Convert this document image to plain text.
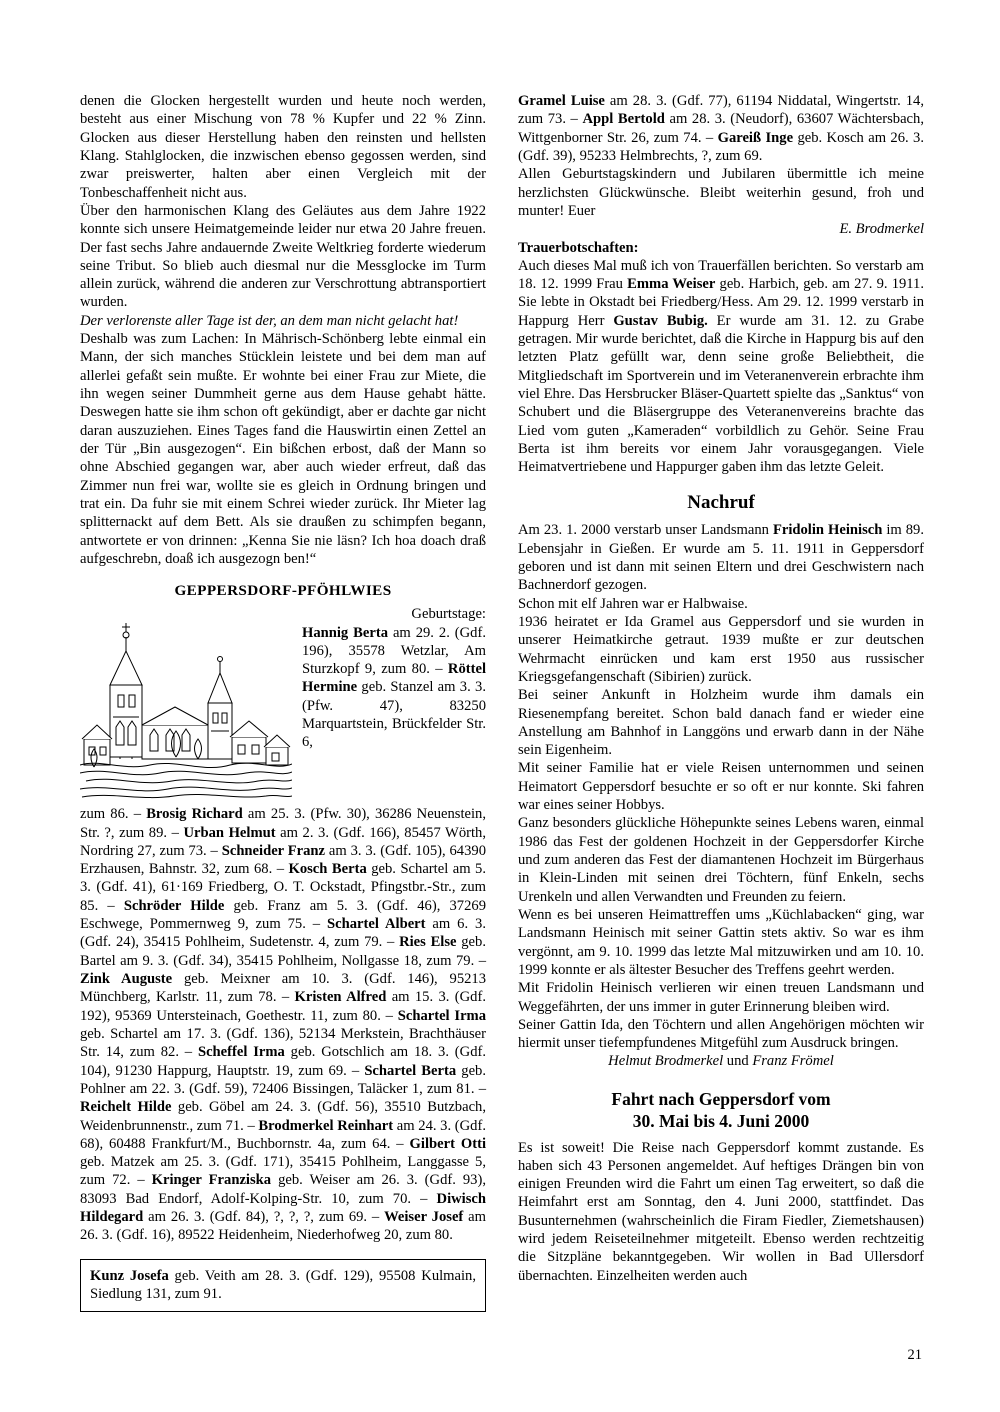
denen die Glocken hergestellt wurden und heute noch werden, besteht aus einer Mischung von 78 % Kupfer und 22 % Zinn. Glocken aus dieser Herstellung haben den reinsten und hellsten Klang. Stahlglocken, die inzwischen ebenso gegossen werden, sind zwar preiswerter, halten aber einen Vergleich mit der Tonbeschaffenheit nicht aus.

Über den harmonischen Klang des Geläutes aus dem Jahre 1922 konnte sich unsere Heimatgemeinde leider nur etwa 20 Jahre freuen. Der fast sechs Jahre andauernde Zweite Weltkrieg forderte wiederum seine Tribut. So blieb auch diesmal nur die Messglocke im Turm allein zurück, während die anderen zur Verschrottung abtransportiert wurden.

Der verlorenste aller Tage ist der, an dem man nicht gelacht hat!

Deshalb was zum Lachen: In Mährisch-Schönberg lebte einmal ein Mann, der sich manches Stücklein leistete und bei dem man auf allerlei gefaßt sein mußte. Er wohnte bei einer Frau zur Miete, die ihn wegen seiner Dummheit gerne aus dem Hause gehabt hätte. Deswegen hatte sie ihm schon oft gekündigt, aber er dachte gar nicht daran auszuziehen. Eines Tages fand die Hauswirtin einen Zettel an der Tür „Bin ausgezogen“. Ein bißchen erbost, daß der Mann so ohne Abschied gegangen war, aber auch wieder erfreut, daß das Zimmer nun frei war, wollte sie es gleich in Ordnung bringen und trat ein. Da fuhr sie mit einem Schrei wieder zurück. Ihr Mieter lag splitternackt auf dem Bett. Als sie draußen zu schimpfen begann, antwortete er von drinnen: „Kenna Sie nie läsn? Ich hoa doach draß aufgeschrebn, doaß ich ausgezogn ben!“

GEPPERSDORF-PFÖHLWIES

Geburtstage:

Hannig Berta am 29. 2. (Gdf. 196), 35578 Wetzlar, Am Sturzkopf 9, zum 80. – Röttel Hermine geb. Stanzel am 3. 3. (Pfw. 47), 83250 Marquartstein, Brückfelder Str. 6,

zum 86. – Brosig Richard am 25. 3. (Pfw. 30), 36286 Neuenstein, Str. ?, zum 89. – Urban Helmut am 2. 3. (Gdf. 166), 85457 Wörth, Nordring 27, zum 73. – Schneider Franz am 3. 3. (Gdf. 105), 64390 Erzhausen, Bahnstr. 32, zum 68. – Kosch Berta geb. Schartel am 5. 3. (Gdf. 41), 61·169 Friedberg, O. T. Ockstadt, Pfingstbr.-Str., zum 85. – Schröder Hilde geb. Franz am 5. 3. (Gdf. 46), 37269 Eschwege, Pommernweg 9, zum 75. – Schartel Albert am 6. 3. (Gdf. 24), 35415 Pohlheim, Sudetenstr. 4, zum 79. – Ries Else geb. Bartel am 9. 3. (Gdf. 34), 35415 Pohlheim, Nollgasse 18, zum 79. – Zink Auguste geb. Meixner am 10. 3. (Gdf. 146), 95213 Münchberg, Karlstr. 11, zum 78. – Kristen Alfred am 15. 3. (Gdf. 192), 95369 Untersteinach, Goethestr. 11, zum 80. – Schartel Irma geb. Schartel am 17. 3. (Gdf. 136), 52134 Merkstein, Brachthäuser Str. 14, zum 82. – Scheffel Irma geb. Gotschlich am 18. 3. (Gdf. 104), 91230 Happurg, Hauptstr. 19, zum 69. – Schartel Berta geb. Pohlner am 22. 3. (Gdf. 59), 72406 Bissingen, Taläcker 1, zum 81. – Reichelt Hilde geb. Göbel am 24. 3. (Gdf. 56), 35510 Butzbach, Weidenbrunnenstr., zum 71. – Brodmerkel Reinhart am 24. 3. (Gdf. 68), 60488 Frankfurt/M., Buchbornstr. 4a, zum 64. – Gilbert Otti geb. Matzek am 25. 3. (Gdf. 171), 35415 Pohlheim, Langgasse 5, zum 72. – Kringer Franziska geb. Weiser am 26. 3. (Gdf. 93), 83093 Bad Endorf, Adolf-Kolping-Str. 10, zum 70. – Diwisch Hildegard am 26. 3. (Gdf. 84), ?, ?, ?, zum 69. – Weiser Josef am 26. 3. (Gdf. 16), 89522 Heidenheim, Niederhofweg 20, zum 80.

Kunz Josefa geb. Veith am 28. 3. (Gdf. 129), 95508 Kulmain, Siedlung 131, zum 91.

Gramel Luise am 28. 3. (Gdf. 77), 61194 Niddatal, Wingertstr. 14, zum 73. – Appl Bertold am 28. 3. (Neudorf), 63607 Wächtersbach, Wittgenborner Str. 26, zum 74. – Gareiß Inge geb. Kosch am 26. 3. (Gdf. 39), 95233 Helmbrechts, ?, zum 69.

Allen Geburtstagskindern und Jubilaren übermittle ich meine herzlichsten Glückwünsche. Bleibt weiterhin gesund, froh und munter! Euer

E. Brodmerkel

Trauerbotschaften:

Auch dieses Mal muß ich von Trauerfällen berichten. So verstarb am 18. 12. 1999 Frau Emma Weiser geb. Harbich, geb. am 27. 9. 1911. Sie lebte in Okstadt bei Friedberg/Hess. Am 29. 12. 1999 verstarb in Happurg Herr Gustav Bubig. Er wurde am 31. 12. zu Grabe getragen. Mir wurde berichtet, daß die Kirche in Happurg bis auf den letzten Platz gefüllt war, denn seine große Beliebtheit, die Mitgliedschaft im Sportverein und im Veteranenverein erbrachte ihm viel Ehre. Das Hersbrucker Bläser-Quartett spielte das „Sanktus“ von Schubert und die Bläsergruppe des Veteranenvereins brachte das Lied vom guten „Kameraden“ vorbildlich zu Gehör. Seine Frau Berta ist ihm bereits vor einem Jahr vorausgegangen. Viele Heimatvertriebene und Happurger gaben ihm das letzte Geleit.

Nachruf

Am 23. 1. 2000 verstarb unser Landsmann Fridolin Heinisch im 89. Lebensjahr in Gießen. Er wurde am 5. 11. 1911 in Geppersdorf geboren und ist dann mit seinen Eltern und drei Geschwistern nach Bachnerdorf gezogen.

Schon mit elf Jahren war er Halbwaise.

1936 heiratet er Ida Gramel aus Geppersdorf und sie wurden in unserer Heimatkirche getraut. 1939 mußte er zur deutschen Wehrmacht einrücken und kam erst 1950 aus russischer Kriegsgefangenschaft (Sibirien) zurück.

Bei seiner Ankunft in Holzheim wurde ihm damals ein Riesenempfang bereitet. Schon bald danach fand er wieder eine Anstellung am Bahnhof in Langgöns und erwarb dann in der Nähe sein Eigenheim.

Mit seiner Familie hat er viele Reisen unternommen und seinen Heimatort Geppersdorf besuchte er so oft er nur konnte. Ski fahren war eines seiner Hobbys.

Ganz besonders glückliche Höhepunkte seines Lebens waren, einmal 1986 das Fest der goldenen Hochzeit in der Geppersdorfer Kirche und zum anderen das Fest der diamantenen Hochzeit im Bürgerhaus in Klein-Linden mit seinen drei Töchtern, fünf Enkeln, sechs Urenkeln und allen Verwandten und Freunden zu feiern.

Wenn es bei unseren Heimattreffen ums „Küchlabacken“ ging, war Landsmann Heinisch mit seiner Gattin stets aktiv. So war es ihm vergönnt, am 9. 10. 1999 das letzte Mal mitzuwirken und am 10. 10. 1999 konnte er als ältester Besucher des Treffens geehrt werden.

Mit Fridolin Heinisch verlieren wir einen treuen Landsmann und Weggefährten, der uns immer in guter Erinnerung bleiben wird.

Seiner Gattin Ida, den Töchtern und allen Angehörigen möchten wir hiermit unser tiefempfundenes Mitgefühl zum Ausdruck bringen.

Helmut Brodmerkel und Franz Frömel

Fahrt nach Geppersdorf vom
30. Mai bis 4. Juni 2000

Es ist soweit! Die Reise nach Geppersdorf kommt zustande. Es haben sich 43 Personen angemeldet. Auf heftiges Drängen bin von einigen Freunden wird die Fahrt um einen Tag erweitert, so daß die Heimfahrt erst am Sonntag, den 4. Juni 2000, stattfindet. Das Busunternehmen (wahrscheinlich die Firam Fiedler, Ziemetshausen) wird jedem Reiseteilnehmer mitgeteilt. Ebenso werden rechtzeitig die Sitzpläne bekanntgegeben. Wir wollen in Bad Ullersdorf übernachten. Einzelheiten werden auch

21
